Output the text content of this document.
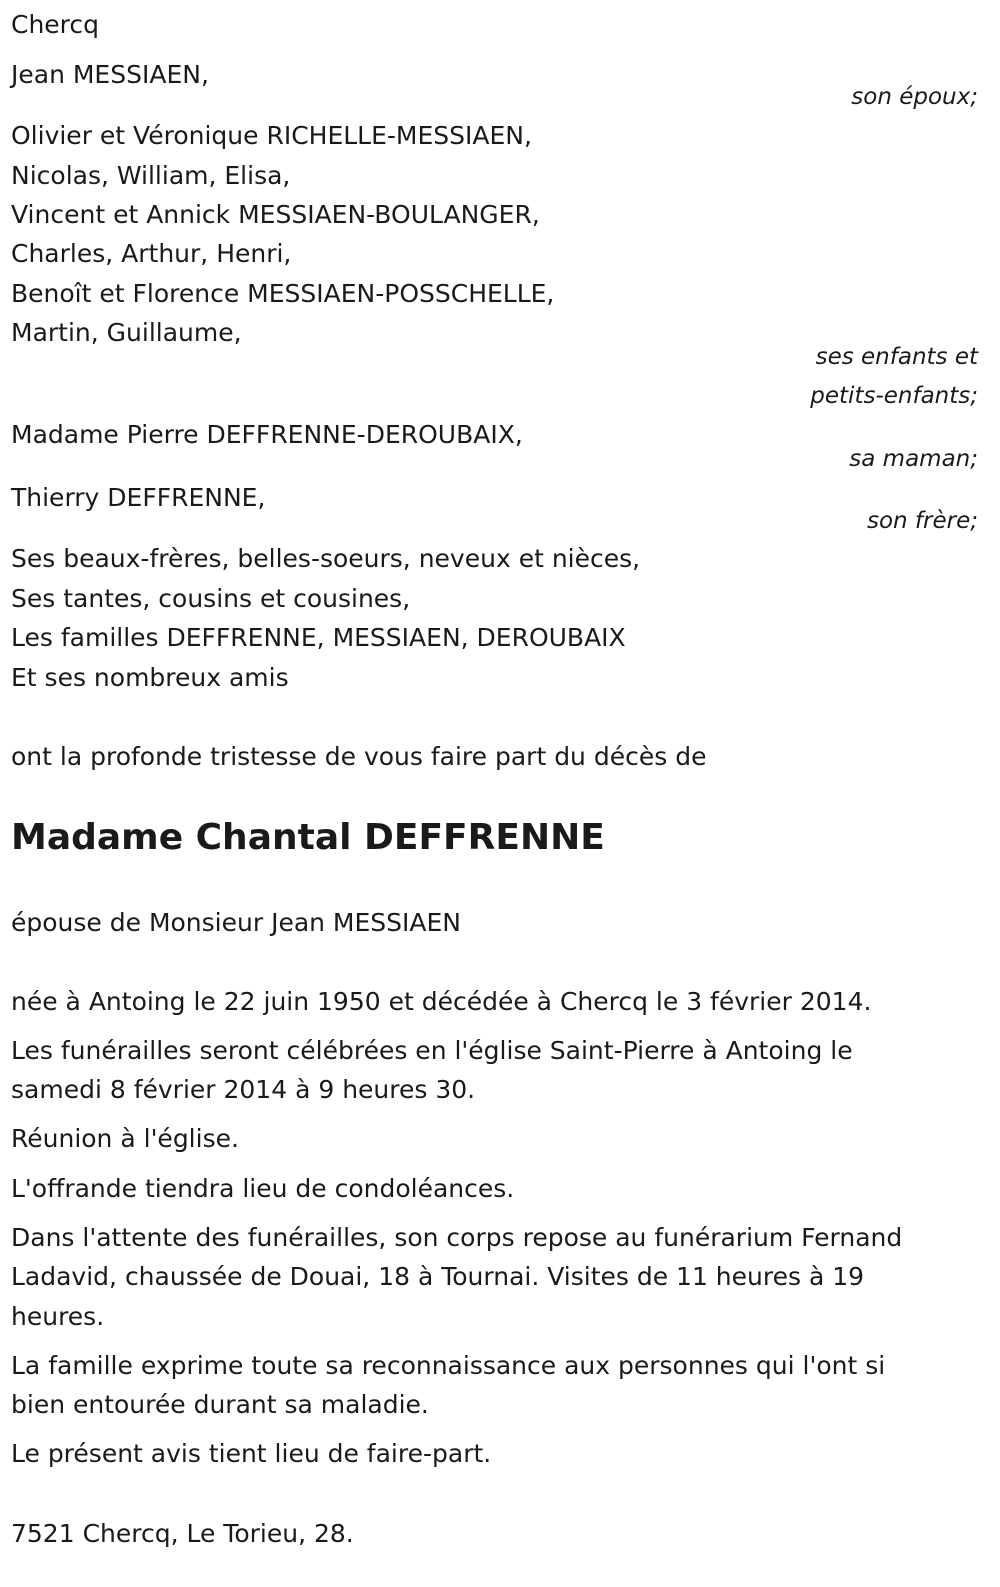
Chercq
Jean MESSIAEN,
son époux;
Olivier et Véronique RICHELLE-MESSIAEN,
Nicolas, William, Elisa,
Vincent et Annick MESSIAEN-BOULANGER,
Charles, Arthur, Henri,
Benoît et Florence MESSIAEN-POSSCHELLE,
Martin, Guillaume,
ses enfants et
petits-enfants;
Madame Pierre DEFFRENNE-DEROUBAIX,
sa maman;
Thierry DEFFRENNE,
son frère;
Ses beaux-frères, belles-soeurs, neveux et nièces,
Ses tantes, cousins et cousines,
Les familles DEFFRENNE, MESSIAEN, DEROUBAIX
Et ses nombreux amis
ont la profonde tristesse de vous faire part du décès de
Madame Chantal DEFFRENNE
épouse de Monsieur Jean MESSIAEN
née à Antoing le 22 juin 1950 et décédée à Chercq le 3 février 2014.
Les funérailles seront célébrées en l'église Saint-Pierre à Antoing le
samedi 8 février 2014 à 9 heures 30.
Réunion à l'église.
L'offrande tiendra lieu de condoléances.
Dans l'attente des funérailles, son corps repose au funérarium Fernand
Ladavid, chaussée de Douai, 18 à Tournai. Visites de 11 heures à 19
heures.
La famille exprime toute sa reconnaissance aux personnes qui l'ont si
bien entourée durant sa maladie.
Le présent avis tient lieu de faire-part.
7521 Chercq, Le Torieu, 28.
